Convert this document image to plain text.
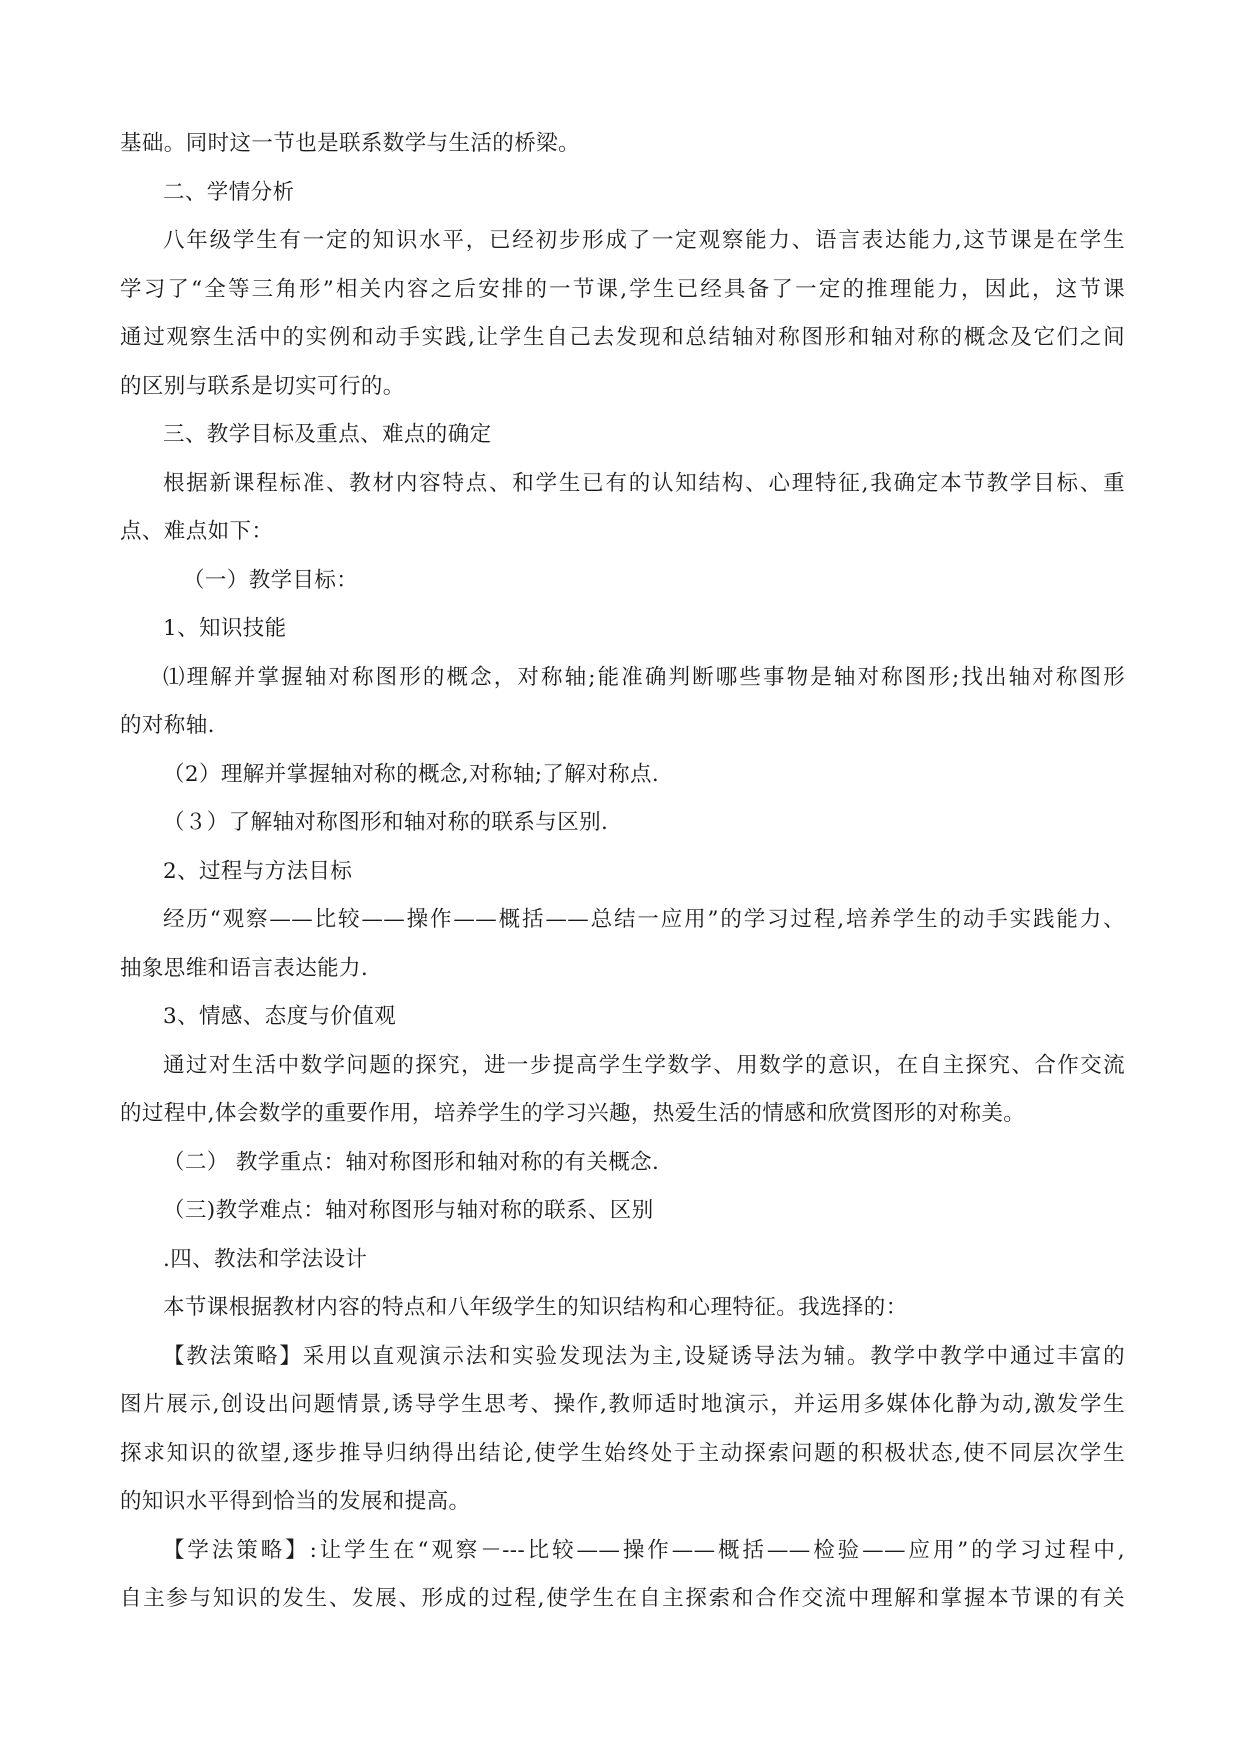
基础。同时这一节也是联系数学与生活的桥梁。
二、学情分析
八年级学生有一定的知识水平，已经初步形成了一定观察能力、语言表达能力,这节课是在学生
学习了“全等三角形”相关内容之后安排的一节课,学生已经具备了一定的推理能力，因此，这节课
通过观察生活中的实例和动手实践,让学生自己去发现和总结轴对称图形和轴对称的概念及它们之间
的区别与联系是切实可行的。
三、教学目标及重点、难点的确定
根据新课程标准、教材内容特点、和学生已有的认知结构、心理特征,我确定本节教学目标、重
点、难点如下：
（一）教学目标：
1、知识技能
⑴理解并掌握轴对称图形的概念，对称轴;能准确判断哪些事物是轴对称图形;找出轴对称图形
的对称轴.
（2）理解并掌握轴对称的概念,对称轴;了解对称点.
（３）了解轴对称图形和轴对称的联系与区别.
2、过程与方法目标
经历“观察——比较——操作——概括——总结一应用”的学习过程,培养学生的动手实践能力、
抽象思维和语言表达能力.
3、情感、态度与价值观
通过对生活中数学问题的探究，进一步提高学生学数学、用数学的意识，在自主探究、合作交流
的过程中,体会数学的重要作用，培养学生的学习兴趣，热爱生活的情感和欣赏图形的对称美。
（二） 教学重点：轴对称图形和轴对称的有关概念.
（三)教学难点：轴对称图形与轴对称的联系、区别
.四、教法和学法设计
本节课根据教材内容的特点和八年级学生的知识结构和心理特征。我选择的：
【教法策略】采用以直观演示法和实验发现法为主,设疑诱导法为辅。教学中教学中通过丰富的
图片展示,创设出问题情景,诱导学生思考、操作,教师适时地演示，并运用多媒体化静为动,激发学生
探求知识的欲望,逐步推导归纳得出结论,使学生始终处于主动探索问题的积极状态,使不同层次学生
的知识水平得到恰当的发展和提高。
【学法策略】:让学生在“观察－---比较——操作——概括——检验——应用”的学习过程中,
自主参与知识的发生、发展、形成的过程,使学生在自主探索和合作交流中理解和掌握本节课的有关
